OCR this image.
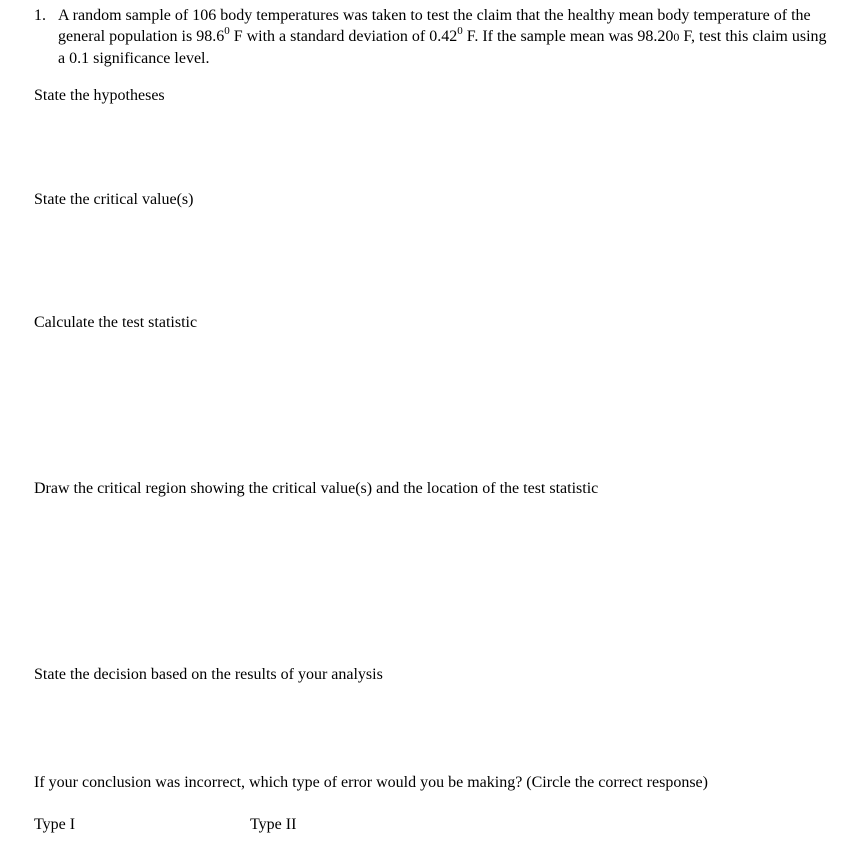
1. A random sample of 106 body temperatures was taken to test the claim that the healthy mean body temperature of the general population is 98.6$^0$ F with a standard deviation of 0.42$^0$ F. If the sample mean was 98.200 F, test this claim using a 0.1 significance level.
State the hypotheses
State the critical value(s)
Calculate the test statistic
Draw the critical region showing the critical value(s) and the location of the test statistic
State the decision based on the results of your analysis
If your conclusion was incorrect, which type of error would you be making? (Circle the correct response)
Type I	Type II
